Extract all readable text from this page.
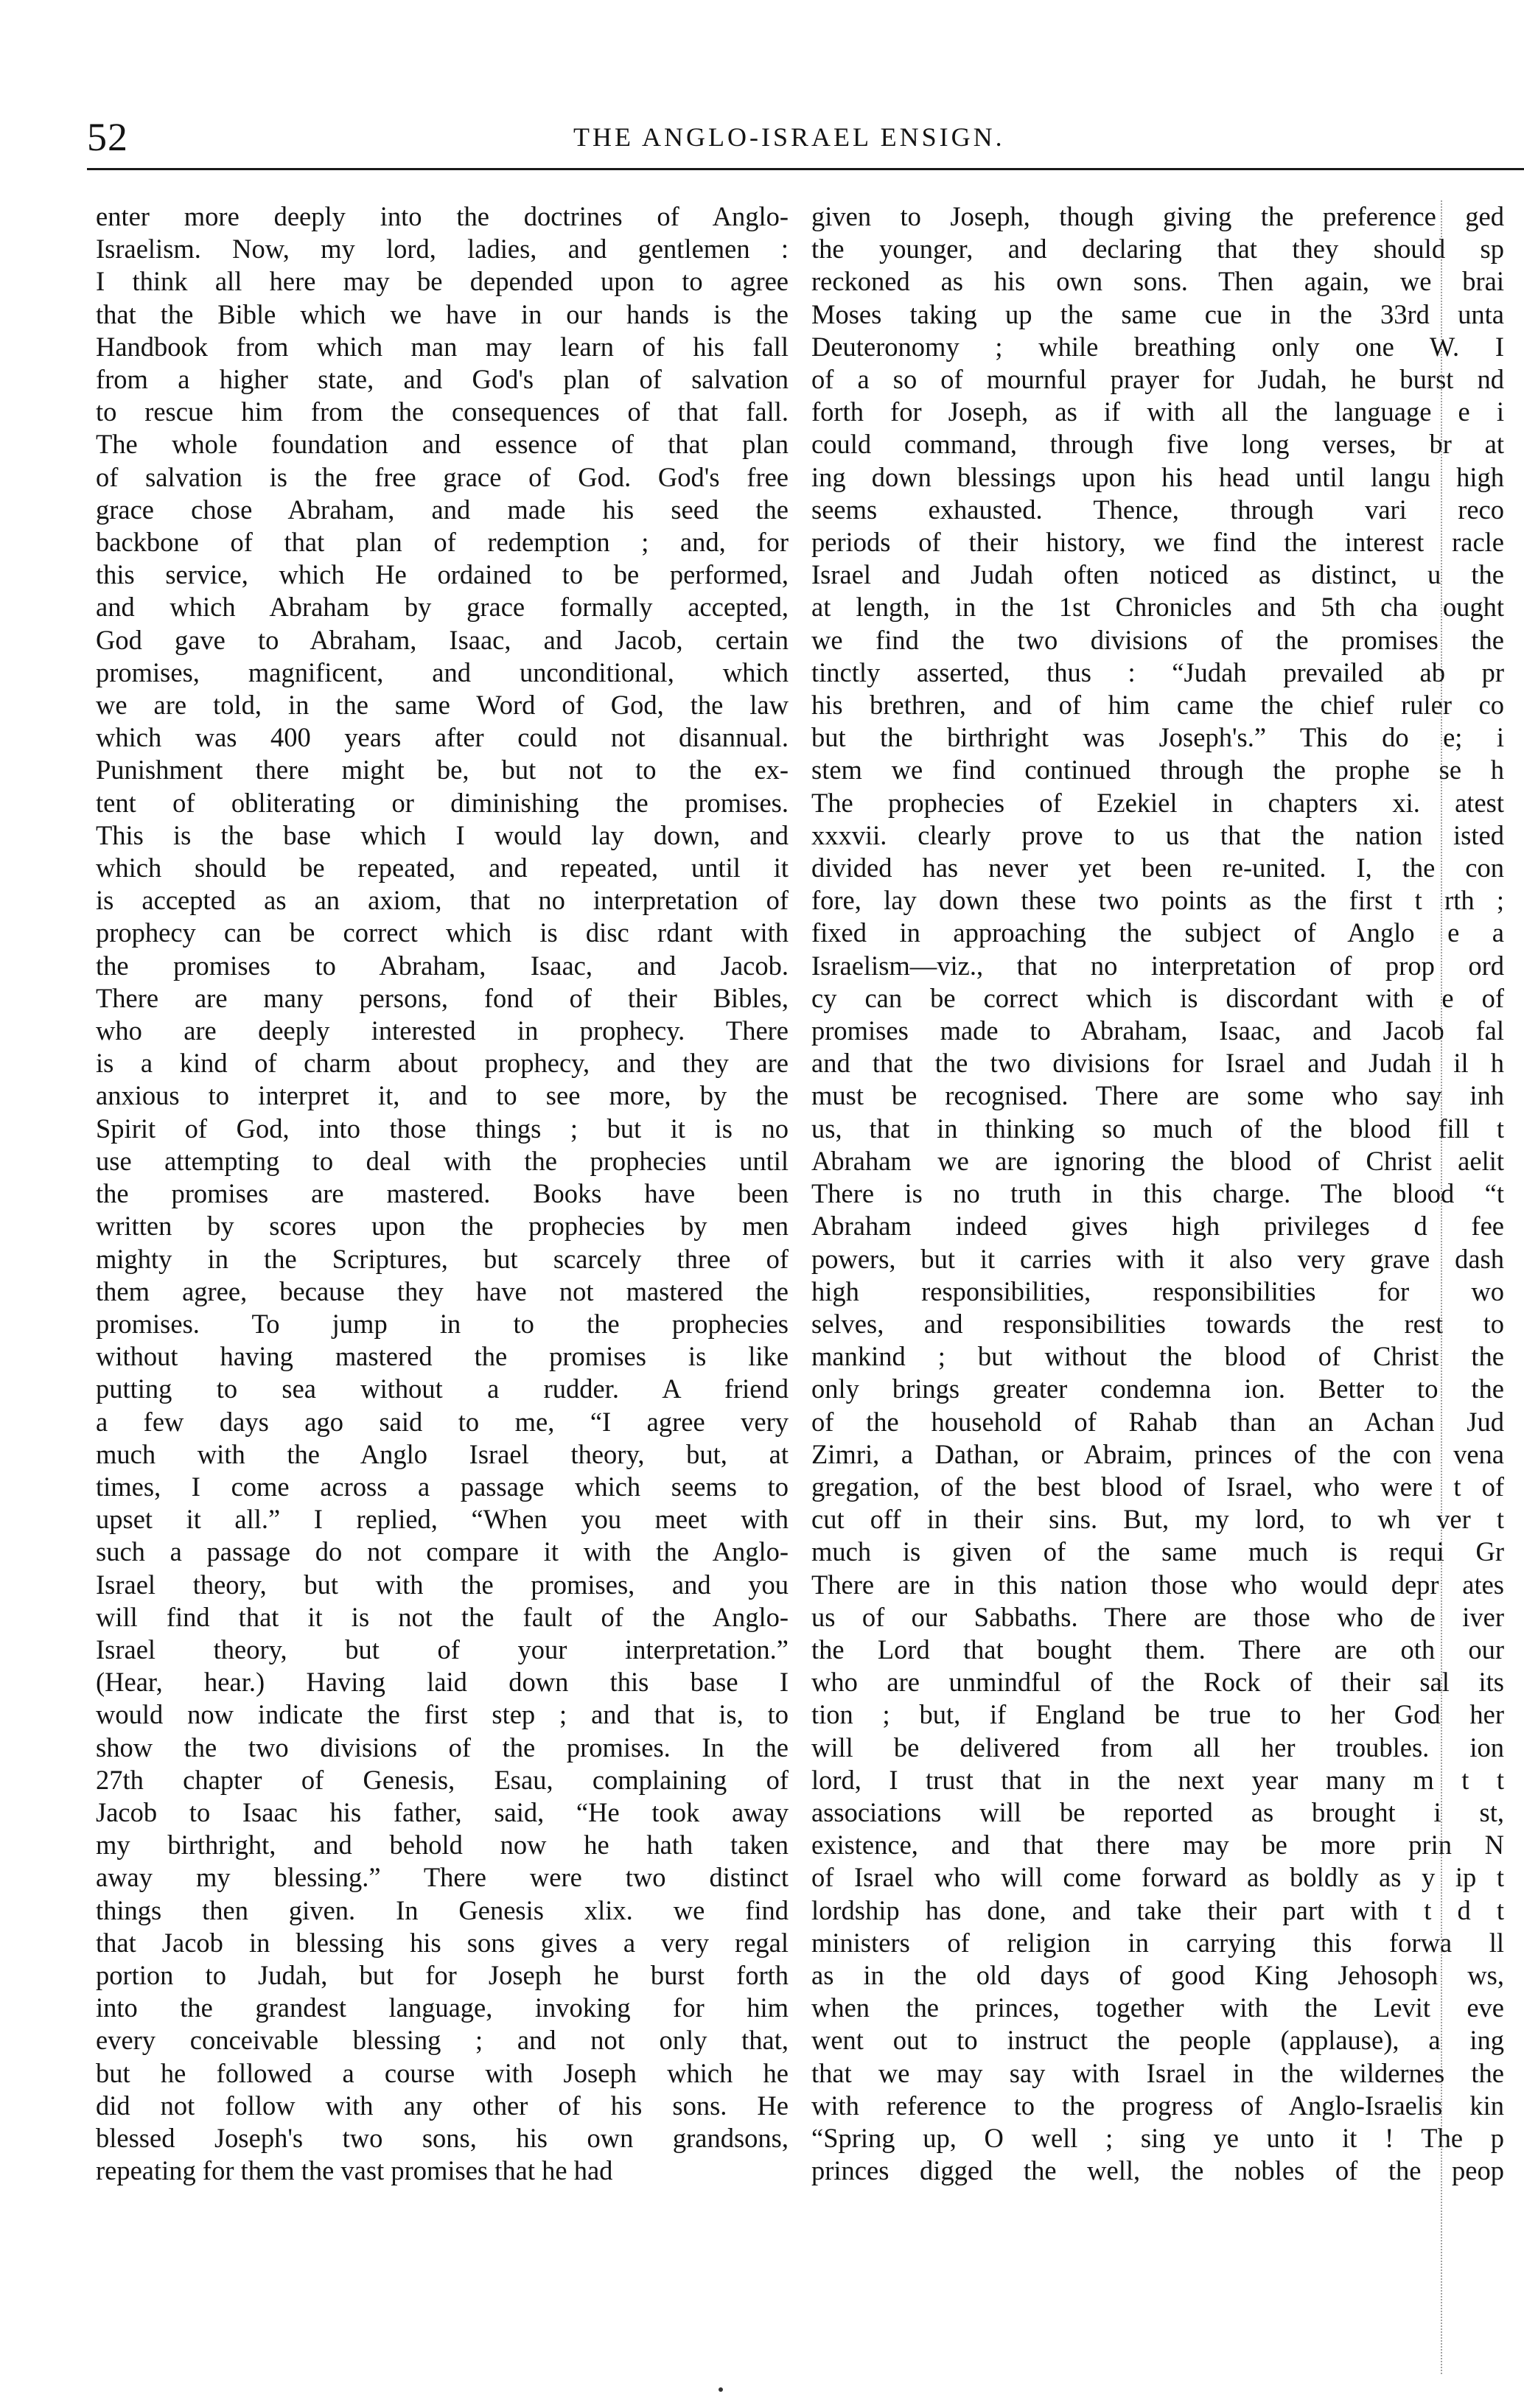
52	THE ANGLO-ISRAEL ENSIGN.

enter more deeply into the doctrines of Anglo-

Israelism. Now, my lord, ladies, and gentlemen :

I think all here may be depended upon to agree

that the Bible which we have in our hands is the

Handbook from which man may learn of his fall

from a higher state, and God's plan of salvation

to rescue him from the consequences of that fall.

The whole foundation and essence of that plan

of salvation is the free grace of God. God's free

grace chose Abraham, and made his seed the

backbone of that plan of redemption ; and, for

this service, which He ordained to be performed,

and which Abraham by grace formally accepted,

God gave to Abraham, Isaac, and Jacob, certain

promises, magnificent, and unconditional, which

we are told, in the same Word of God, the law

which was 400 years after could not disannual.

Punishment there might be, but not to the ex-

tent of obliterating or diminishing the promises.

This is the base which I would lay down, and

which should be repeated, and repeated, until it

is accepted as an axiom, that no interpretation of

prophecy can be correct which is disc rdant with

the promises to Abraham, Isaac, and Jacob.

There are many persons, fond of their Bibles,

who are deeply interested in prophecy. There

is a kind of charm about prophecy, and they are

anxious to interpret it, and to see more, by the

Spirit of God, into those things ; but it is no

use attempting to deal with the prophecies until

the promises are mastered. Books have been

written by scores upon the prophecies by men

mighty in the Scriptures, but scarcely three of

them agree, because they have not mastered the

promises. To jump in to the prophecies

without having mastered the promises is like

putting to sea without a rudder. A friend

a few days ago said to me, “I agree very

much with the Anglo Israel theory, but, at

times, I come across a passage which seems to

upset it all.” I replied, “When you meet with

such a passage do not compare it with the Anglo-

Israel theory, but with the promises, and you

will find that it is not the fault of the Anglo-

Israel theory, but of your interpretation.”

(Hear, hear.) Having laid down this base I

would now indicate the first step ; and that is, to

show the two divisions of the promises. In the

27th chapter of Genesis, Esau, complaining of

Jacob to Isaac his father, said, “He took away

my birthright, and behold now he hath taken

away my blessing.” There were two distinct

things then given. In Genesis xlix. we find

that Jacob in blessing his sons gives a very regal

portion to Judah, but for Joseph he burst forth

into the grandest language, invoking for him

every conceivable blessing ; and not only that,

but he followed a course with Joseph which he

did not follow with any other of his sons. He

blessed Joseph's two sons, his own grandsons,

repeating for them the vast promises that he had

given to Joseph, though giving the preference ged

the younger, and declaring that they should sp

reckoned as his own sons. Then again, we brai

Moses taking up the same cue in the 33rd unta

Deuteronomy ; while breathing only one W. I

of a so of mournful prayer for Judah, he burst nd

forth for Joseph, as if with all the language e i

could command, through five long verses, br at

ing down blessings upon his head until langu high

seems exhausted. Thence, through vari reco

periods of their history, we find the interest racle

Israel and Judah often noticed as distinct, u the

at length, in the 1st Chronicles and 5th cha ought

we find the two divisions of the promises the

tinctly asserted, thus : “Judah prevailed ab pr

his brethren, and of him came the chief ruler co

but the birthright was Joseph's.” This do e; i

stem we find continued through the prophe se h

The prophecies of Ezekiel in chapters xi. atest

xxxvii. clearly prove to us that the nation isted

divided has never yet been re-united. I, the con

fore, lay down these two points as the first t rth ;

fixed in approaching the subject of Anglo e a

Israelism—viz., that no interpretation of prop ord

cy can be correct which is discordant with e of

promises made to Abraham, Isaac, and Jacob fal

and that the two divisions for Israel and Judah il h

must be recognised. There are some who say inh

us, that in thinking so much of the blood fill t

Abraham we are ignoring the blood of Christ aelit

There is no truth in this charge. The blood “t

Abraham indeed gives high privileges d fee

powers, but it carries with it also very grave dash

high responsibilities, responsibilities for wo

selves, and responsibilities towards the rest to

mankind ; but without the blood of Christ the

only brings greater condemna ion. Better to the

of the household of Rahab than an Achan Jud

Zimri, a Dathan, or Abraim, princes of the con vena

gregation, of the best blood of Israel, who were t of

cut off in their sins. But, my lord, to wh ver t

much is given of the same much is requi Gr

There are in this nation those who would depr ates

us of our Sabbaths. There are those who de iver

the Lord that bought them. There are oth our

who are unmindful of the Rock of their sal its

tion ; but, if England be true to her God her

will be delivered from all her troubles. ion

lord, I trust that in the next year many m t t

associations will be reported as brought i st,

existence, and that there may be more prin N

of Israel who will come forward as boldly as y ip t

lordship has done, and take their part with t d t

ministers of religion in carrying this forwa ll

as in the old days of good King Jehosoph ws,

when the princes, together with the Levit eve

went out to instruct the people (applause), a ing

that we may say with Israel in the wildernes the

with reference to the progress of Anglo-Israelis kin

“Spring up, O well ; sing ye unto it ! The p

princes digged the well, the nobles of the peop
